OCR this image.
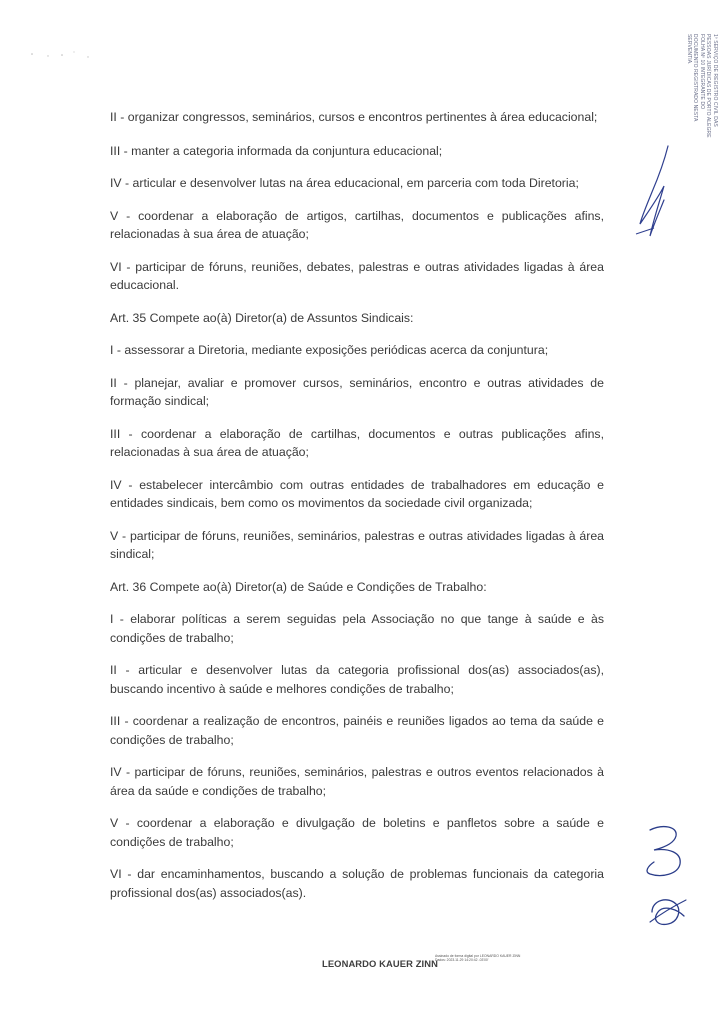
1º SERVIÇO DE REGISTRO CIVIL DAS
PESSOAS JURÍDICAS DE PORTO ALEGRE
FOLHA Nº 10 INTEGRANTE DO
DOCUMENTO REGISTRADO NESTA
SERVENTIA.

II - organizar congressos, seminários, cursos e encontros pertinentes à área educacional;

III - manter a categoria informada da conjuntura educacional;

IV - articular e desenvolver lutas na área educacional, em parceria com toda Diretoria;

V - coordenar a elaboração de artigos, cartilhas, documentos e publicações afins, relacionadas à sua área de atuação;

VI - participar de fóruns, reuniões, debates, palestras e outras atividades ligadas à área educacional.

Art. 35 Compete ao(à) Diretor(a) de Assuntos Sindicais:

I - assessorar a Diretoria, mediante exposições periódicas acerca da conjuntura;

II - planejar, avaliar e promover cursos, seminários, encontro e outras atividades de formação sindical;

III - coordenar a elaboração de cartilhas, documentos e outras publicações afins, relacionadas à sua área de atuação;

IV - estabelecer intercâmbio com outras entidades de trabalhadores em educação e entidades sindicais, bem como os movimentos da sociedade civil organizada;

V - participar de fóruns, reuniões, seminários, palestras e outras atividades ligadas à área sindical;

Art. 36 Compete ao(à) Diretor(a) de Saúde e Condições de Trabalho:

I - elaborar políticas a serem seguidas pela Associação no que tange à saúde e às condições de trabalho;

II - articular e desenvolver lutas da categoria profissional dos(as) associados(as), buscando incentivo à saúde e melhores condições de trabalho;

III - coordenar a realização de encontros, painéis e reuniões ligados ao tema da saúde e condições de trabalho;

IV - participar de fóruns, reuniões, seminários, palestras e outros eventos relacionados à área da saúde e condições de trabalho;

V - coordenar a elaboração e divulgação de boletins e panfletos sobre a saúde e condições de trabalho;

VI - dar encaminhamentos, buscando a solução de problemas funcionais da categoria profissional dos(as) associados(as).

LEONARDO KAUER ZINN
Assinado de forma digital por LEONARDO KAUER ZINN
Dados: 2023.11.29 14:20:42 -03'00'
